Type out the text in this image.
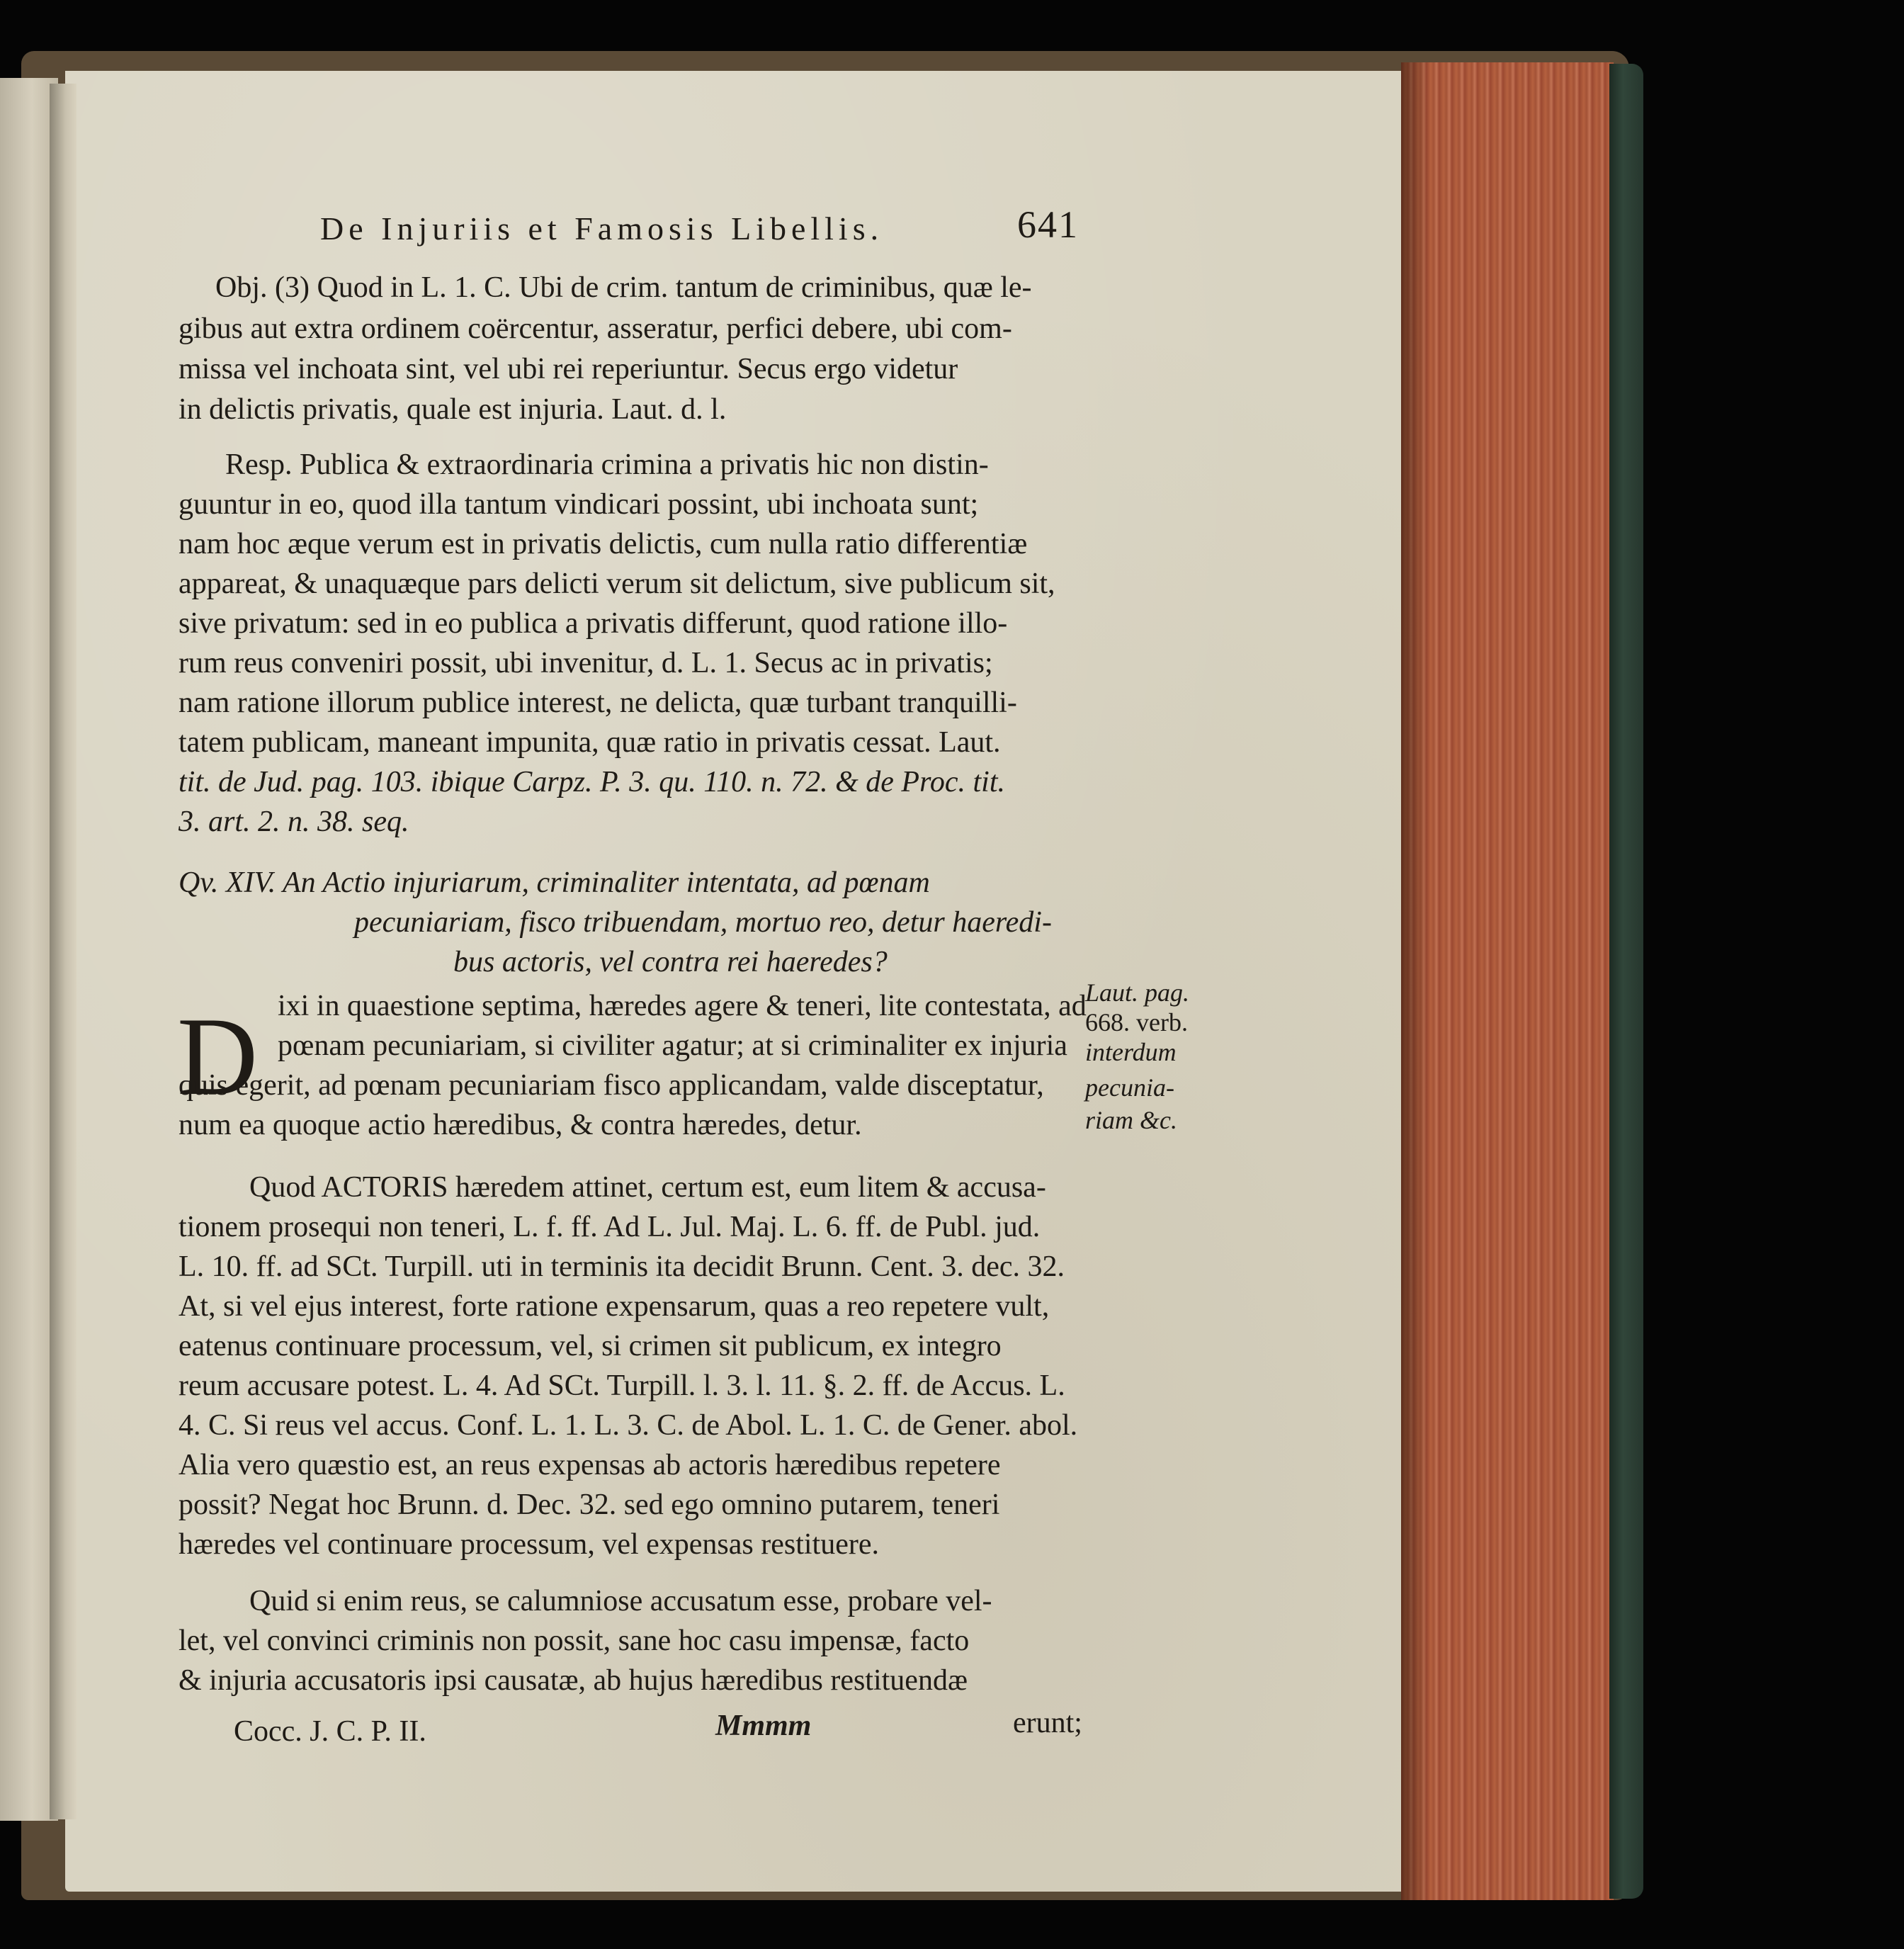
De Injuriis et Famosis Libellis.	641
Obj. (3) Quod in L. 1. C. Ubi de crim. tantum de criminibus, quæ le-
gibus aut extra ordinem coërcentur, asseratur, perfici debere, ubi com-
missa vel inchoata sint, vel ubi rei reperiuntur. Secus ergo videtur
in delictis privatis, quale est injuria. Laut. d. l.
Resp. Publica & extraordinaria crimina a privatis hic non distin-
guuntur in eo, quod illa tantum vindicari possint, ubi inchoata sunt;
nam hoc æque verum est in privatis delictis, cum nulla ratio differentiæ
appareat, & unaquæque pars delicti verum sit delictum, sive publicum sit,
sive privatum: sed in eo publica a privatis differunt, quod ratione illo-
rum reus conveniri possit, ubi invenitur, d. L. 1. Secus ac in privatis;
nam ratione illorum publice interest, ne delicta, quæ turbant tranquilli-
tatem publicam, maneant impunita, quæ ratio in privatis cessat. Laut.
tit. de Jud. pag. 103. ibique Carpz. P. 3. qu. 110. n. 72. & de Proc. tit.
3. art. 2. n. 38. seq.
Qv. XIV. An Actio injuriarum, criminaliter intentata, ad pœnam
pecuniariam, fisco tribuendam, mortuo reo, detur haeredi-
bus actoris, vel contra rei haeredes?
D ixi in quaestione septima, hæredes agere & teneri, lite contestata, ad
pœnam pecuniariam, si civiliter agatur; at si criminaliter ex injuria
quis egerit, ad pœnam pecuniariam fisco applicandam, valde disceptatur,
num ea quoque actio hæredibus, & contra hæredes, detur.
Laut. pag.
668. verb.
interdum
pecunia-
riam &c.
Quod ACTORIS hæredem attinet, certum est, eum litem & accusa-
tionem prosequi non teneri, L. f. ff. Ad L. Jul. Maj. L. 6. ff. de Publ. jud.
L. 10. ff. ad SCt. Turpill. uti in terminis ita decidit Brunn. Cent. 3. dec. 32.
At, si vel ejus interest, forte ratione expensarum, quas a reo repetere vult,
eatenus continuare processum, vel, si crimen sit publicum, ex integro
reum accusare potest. L. 4. Ad SCt. Turpill. l. 3. l. 11. §. 2. ff. de Accus. L.
4. C. Si reus vel accus. Conf. L. 1. L. 3. C. de Abol. L. 1. C. de Gener. abol.
Alia vero quæstio est, an reus expensas ab actoris hæredibus repetere
possit? Negat hoc Brunn. d. Dec. 32. sed ego omnino putarem, teneri
hæredes vel continuare processum, vel expensas restituere.
Quid si enim reus, se calumniose accusatum esse, probare vel-
let, vel convinci criminis non possit, sane hoc casu impensæ, facto
& injuria accusatoris ipsi causatæ, ab hujus hæredibus restituendæ
Cocc. J. C. P. II.	Mmmm	erunt;
